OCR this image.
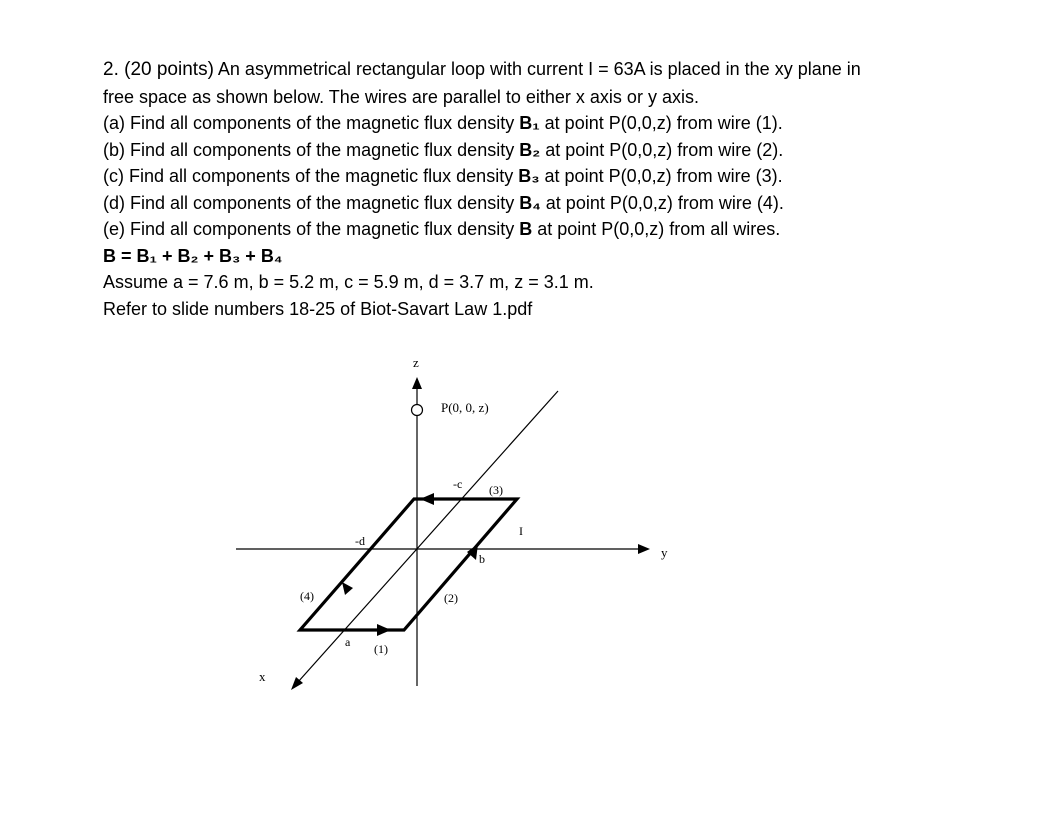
2. (20 points) An asymmetrical rectangular loop with current I = 63A is placed in the xy plane in
free space as shown below. The wires are parallel to either x axis or y axis.
(a) Find all components of the magnetic flux density B₁ at point P(0,0,z) from wire (1).
(b) Find all components of the magnetic flux density B₂ at point P(0,0,z) from wire (2).
(c) Find all components of the magnetic flux density B₃ at point P(0,0,z) from wire (3).
(d) Find all components of the magnetic flux density B₄ at point P(0,0,z) from wire (4).
(e) Find all components of the magnetic flux density B at point P(0,0,z) from all wires.
B = B₁ + B₂ + B₃ + B₄
Assume a = 7.6 m, b = 5.2 m, c = 5.9 m, d = 3.7 m, z = 3.1 m.
Refer to slide numbers 18-25 of Biot-Savart Law 1.pdf
z
y
x
P(0, 0, z)
-c (3)
I
-d
b
(4)	(2)
a (1)
